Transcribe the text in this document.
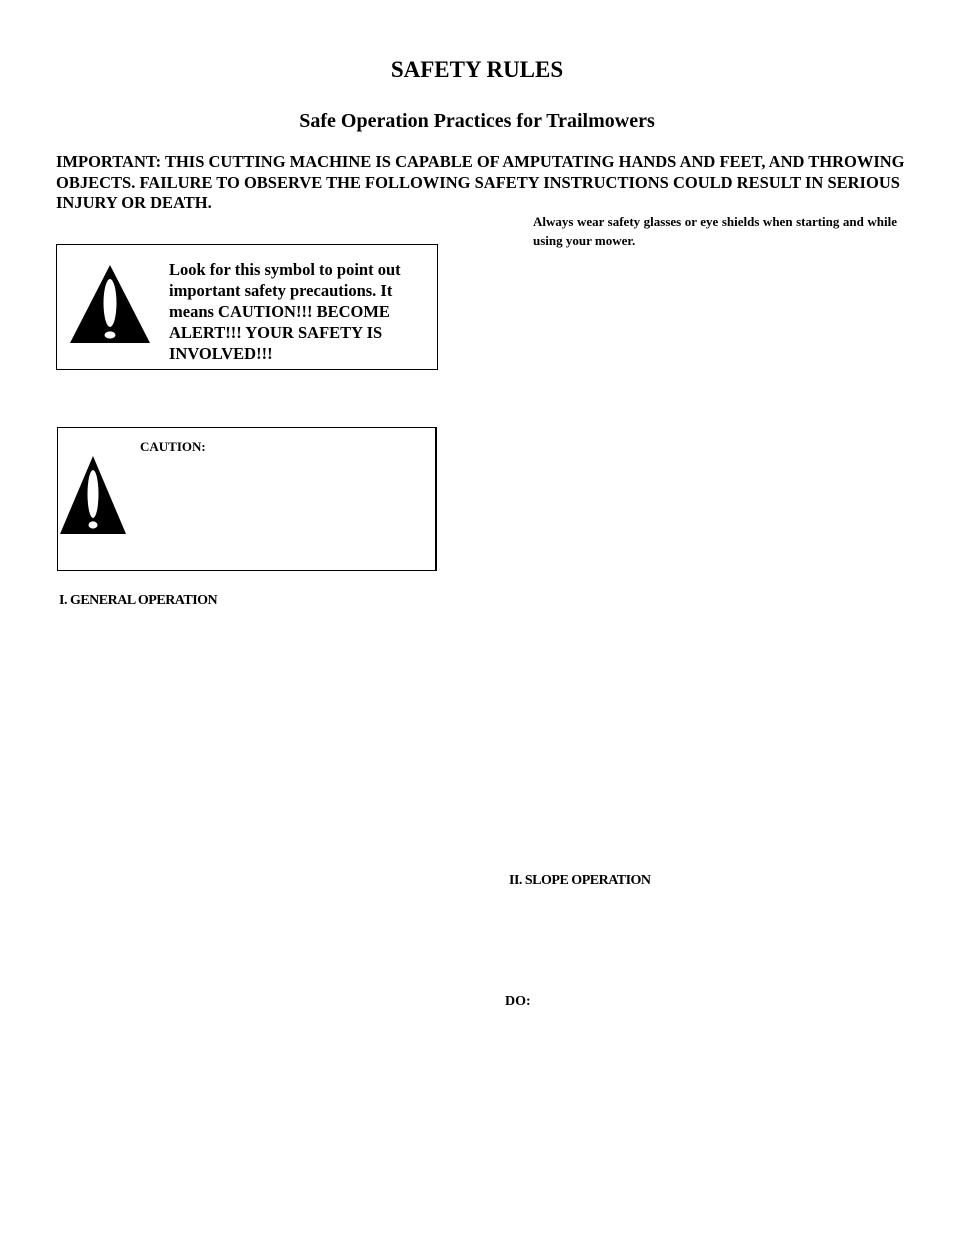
SAFETY RULES
Safe Operation Practices for Trailmowers

IMPORTANT: THIS CUTTING MACHINE IS CAPABLE OF AMPUTATING HANDS AND FEET, AND THROWING OBJECTS. FAILURE TO OBSERVE THE FOLLOWING SAFETY INSTRUCTIONS COULD RESULT IN SERIOUS INJURY OR DEATH.

Always wear safety glasses or eye shields when starting and while using your mower.

Look for this symbol to point out important safety precautions. It means CAUTION!!! BECOME ALERT!!! YOUR SAFETY IS INVOLVED!!!

CAUTION:

I. GENERAL OPERATION

II. SLOPE OPERATION

DO:
